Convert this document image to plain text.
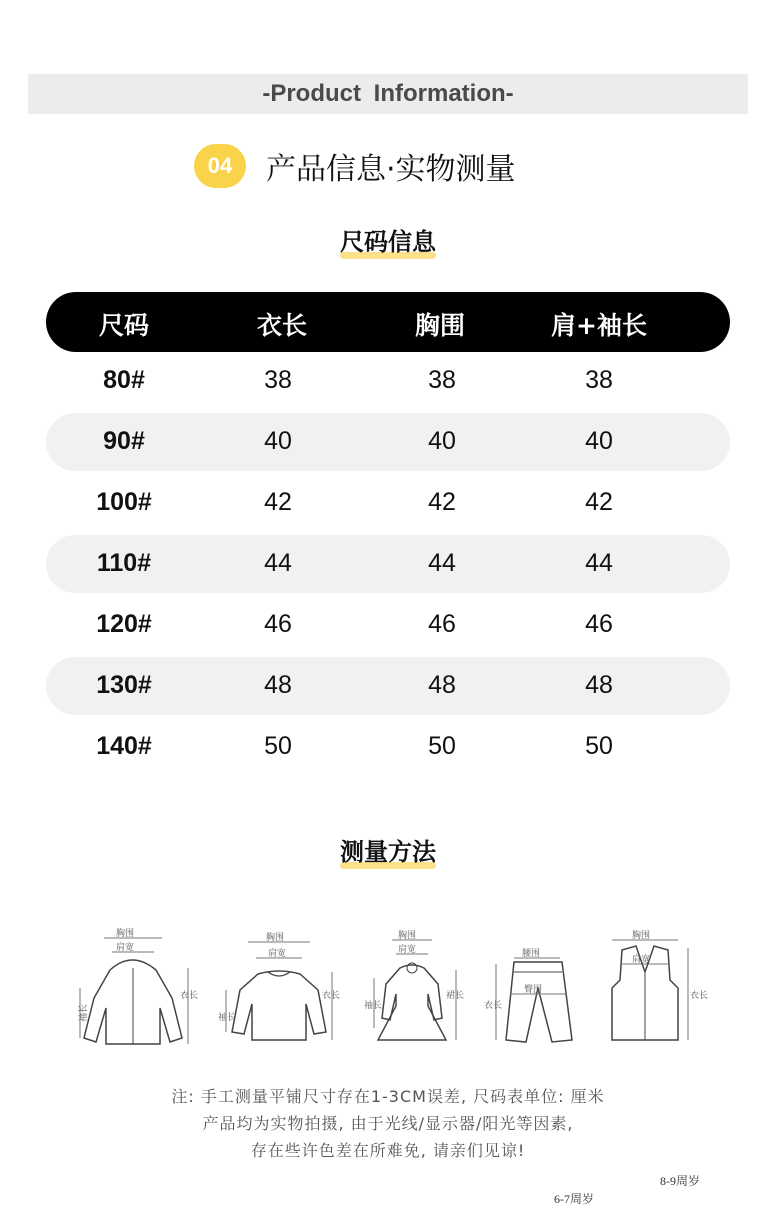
-Product Information-
04	产品信息·实物测量
尺码信息
尺码	衣长	胸围	肩+袖长
80#	38	38	38
90#	40	40	40
100#	42	42	42
110#	44	44	44
120#	46	46	46
130#	48	48	48
140#	50	50	50
测量方法
胸围
肩宽
袖长
衣长
胸围
肩宽
袖长
衣长
胸围
肩宽
袖长
裙长
腰围
臀围
衣长
胸围
肩宽
衣长
注: 手工测量平铺尺寸存在1-3CM误差, 尺码表单位: 厘米
产品均为实物拍摄, 由于光线/显示器/阳光等因素,
存在些许色差在所难免, 请亲们见谅!
8-9周岁
6-7周岁
